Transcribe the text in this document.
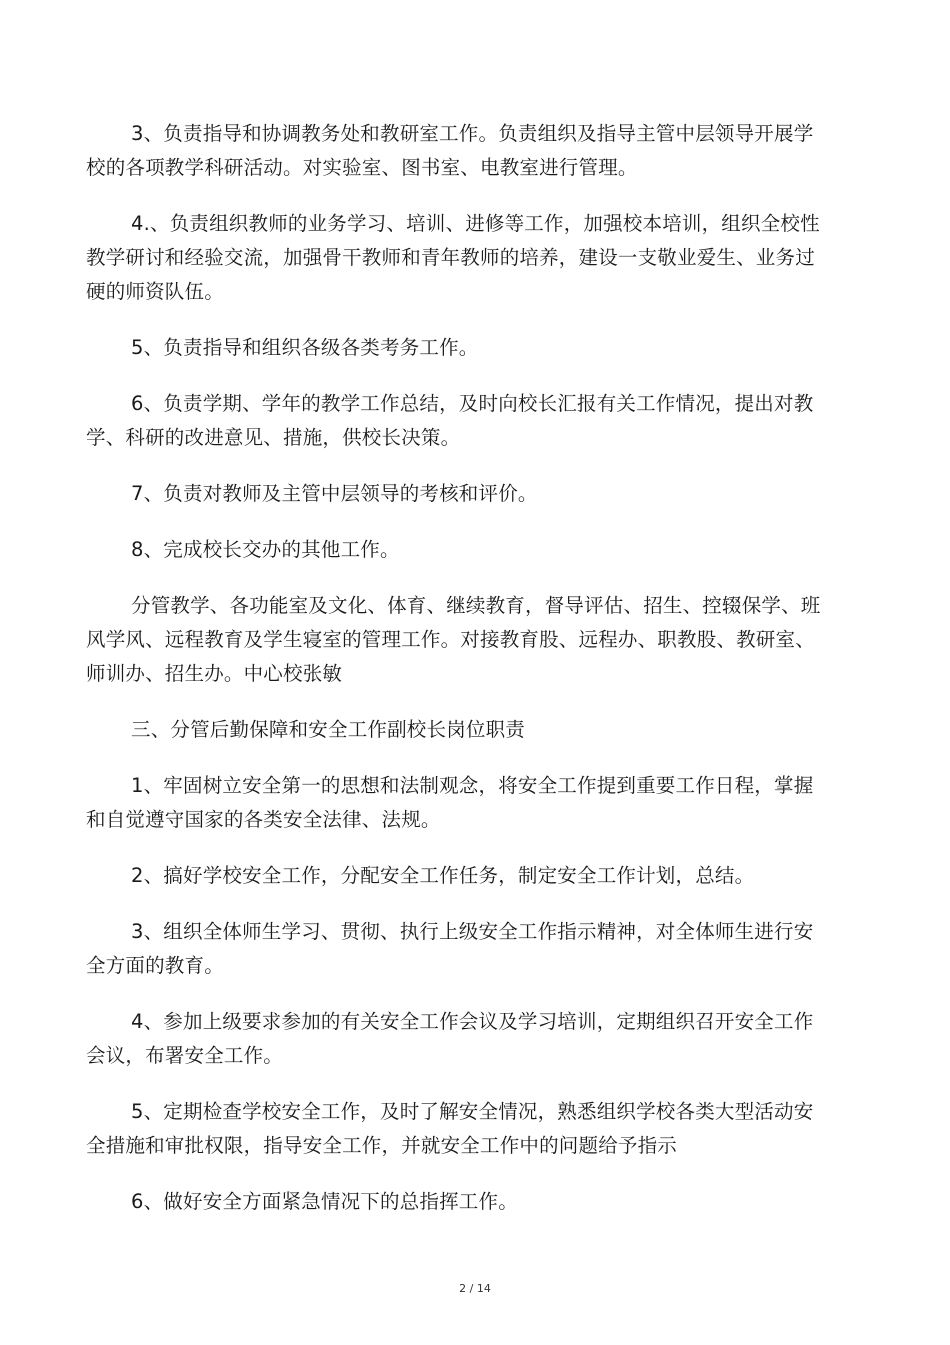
3、负责指导和协调教务处和教研室工作。负责组织及指导主管中层领导开展学校的各项教学科研活动。对实验室、图书室、电教室进行管理。

4.、负责组织教师的业务学习、培训、进修等工作，加强校本培训，组织全校性教学研讨和经验交流，加强骨干教师和青年教师的培养，建设一支敬业爱生、业务过硬的师资队伍。

5、负责指导和组织各级各类考务工作。

6、负责学期、学年的教学工作总结，及时向校长汇报有关工作情况，提出对教学、科研的改进意见、措施，供校长决策。

7、负责对教师及主管中层领导的考核和评价。

8、完成校长交办的其他工作。

分管教学、各功能室及文化、体育、继续教育，督导评估、招生、控辍保学、班风学风、远程教育及学生寝室的管理工作。对接教育股、远程办、职教股、教研室、师训办、招生办。中心校张敏

三、分管后勤保障和安全工作副校长岗位职责

1、牢固树立安全第一的思想和法制观念，将安全工作提到重要工作日程，掌握和自觉遵守国家的各类安全法律、法规。

2、搞好学校安全工作，分配安全工作任务，制定安全工作计划，总结。

3、组织全体师生学习、贯彻、执行上级安全工作指示精神，对全体师生进行安全方面的教育。

4、参加上级要求参加的有关安全工作会议及学习培训，定期组织召开安全工作会议，布署安全工作。

5、定期检查学校安全工作，及时了解安全情况，熟悉组织学校各类大型活动安全措施和审批权限，指导安全工作，并就安全工作中的问题给予指示

6、做好安全方面紧急情况下的总指挥工作。

2 / 14
